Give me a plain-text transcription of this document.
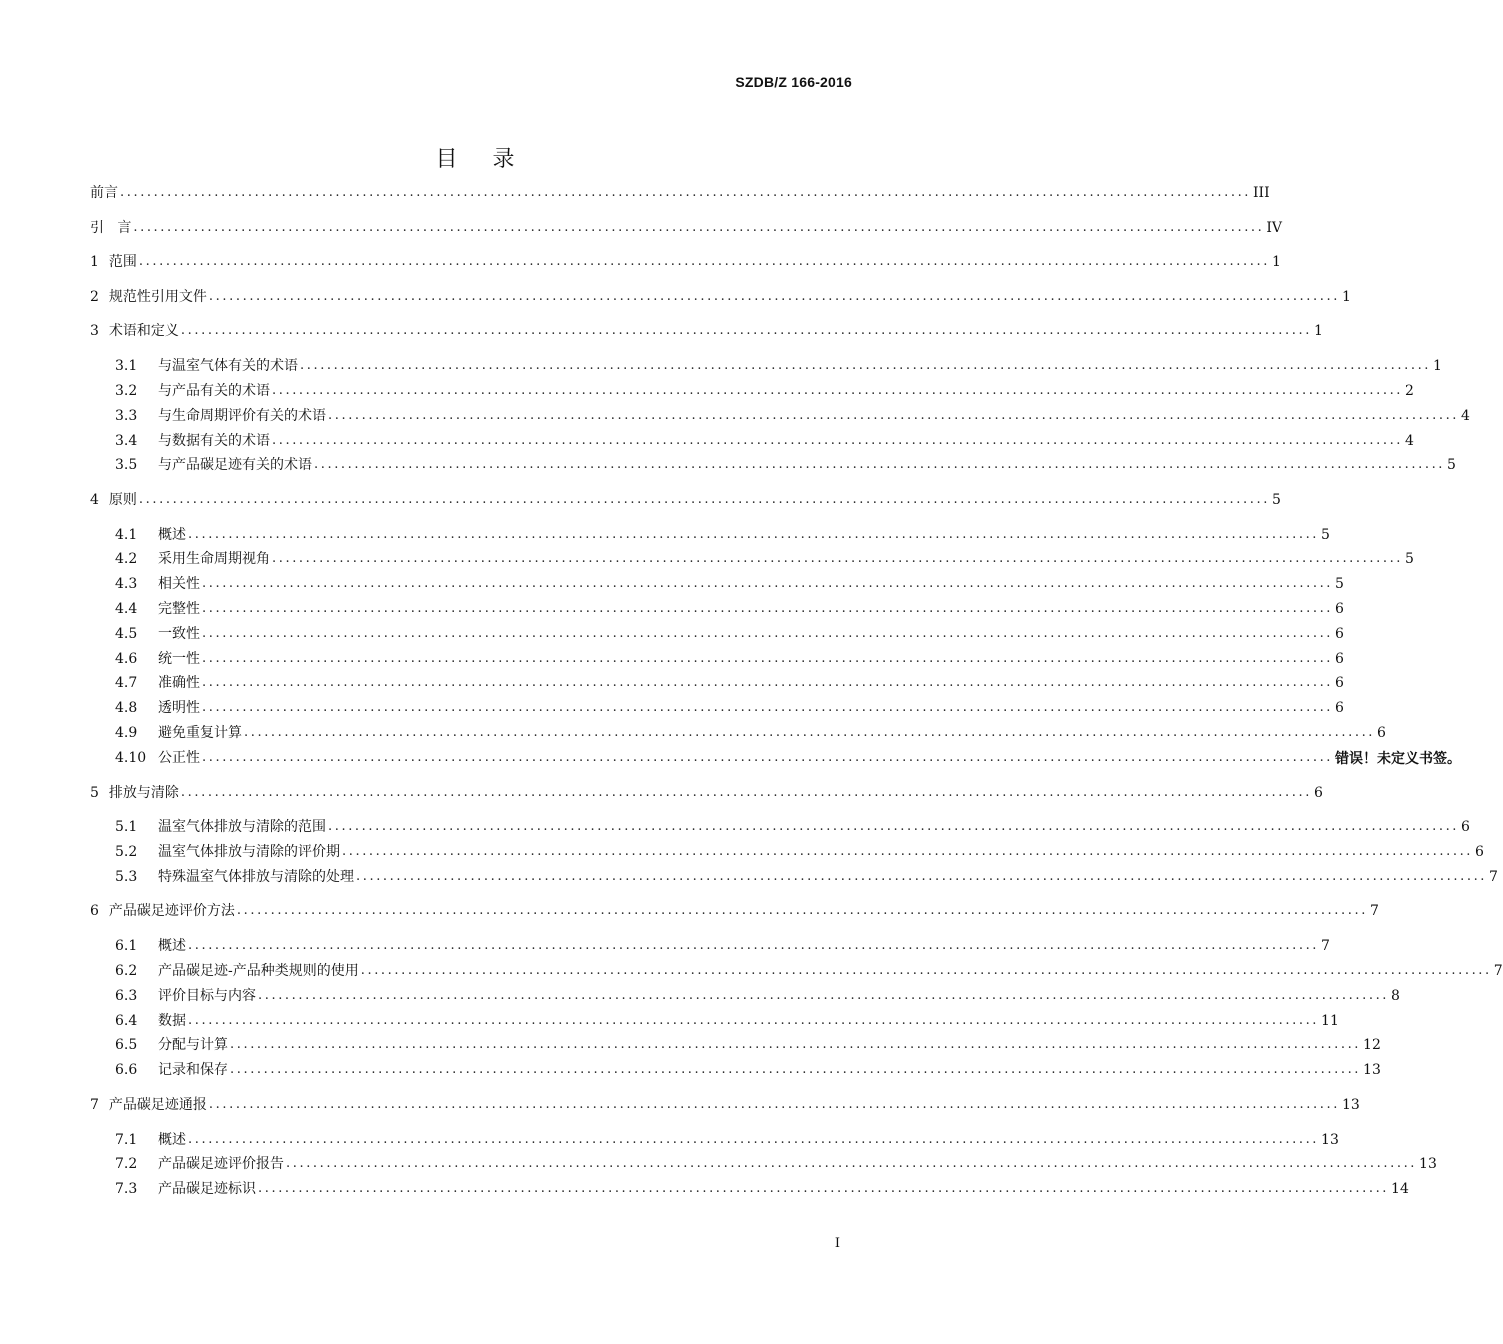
SZDB/Z 166-2016
目 录
前言 ........................................................................................................................................................................ III
引   言 ........................................................................................................................................................................ IV
1 范围 ........................................................................................................................................................................ 1
2 规范性引用文件 ........................................................................................................................................................................ 1
3 术语和定义 ........................................................................................................................................................................ 1
3.1	与温室气体有关的术语 ........................................................................................................................................................................ 1
3.2	与产品有关的术语 ........................................................................................................................................................................ 2
3.3	与生命周期评价有关的术语 ........................................................................................................................................................................ 4
3.4	与数据有关的术语 ........................................................................................................................................................................ 4
3.5	与产品碳足迹有关的术语 ........................................................................................................................................................................ 5
4 原则 ........................................................................................................................................................................ 5
4.1	概述 ........................................................................................................................................................................ 5
4.2	采用生命周期视角 ........................................................................................................................................................................ 5
4.3	相关性 ........................................................................................................................................................................ 5
4.4	完整性 ........................................................................................................................................................................ 6
4.5	一致性 ........................................................................................................................................................................ 6
4.6	统一性 ........................................................................................................................................................................ 6
4.7	准确性 ........................................................................................................................................................................ 6
4.8	透明性 ........................................................................................................................................................................ 6
4.9	避免重复计算 ........................................................................................................................................................................ 6
4.10 公正性 ........................................................................................................................................................................ 错误！未定义书签。
5 排放与清除 ........................................................................................................................................................................ 6
5.1	温室气体排放与清除的范围 ........................................................................................................................................................................ 6
5.2	温室气体排放与清除的评价期 ........................................................................................................................................................................ 6
5.3	特殊温室气体排放与清除的处理 ........................................................................................................................................................................ 7
6 产品碳足迹评价方法 ........................................................................................................................................................................ 7
6.1	概述 ........................................................................................................................................................................ 7
6.2	产品碳足迹-产品种类规则的使用 ........................................................................................................................................................................ 7
6.3	评价目标与内容 ........................................................................................................................................................................ 8
6.4	数据 ........................................................................................................................................................................ 11
6.5	分配与计算 ........................................................................................................................................................................ 12
6.6	记录和保存 ........................................................................................................................................................................ 13
7 产品碳足迹通报 ........................................................................................................................................................................ 13
7.1	概述 ........................................................................................................................................................................ 13
7.2	产品碳足迹评价报告 ........................................................................................................................................................................ 13
7.3	产品碳足迹标识 ........................................................................................................................................................................ 14
I
